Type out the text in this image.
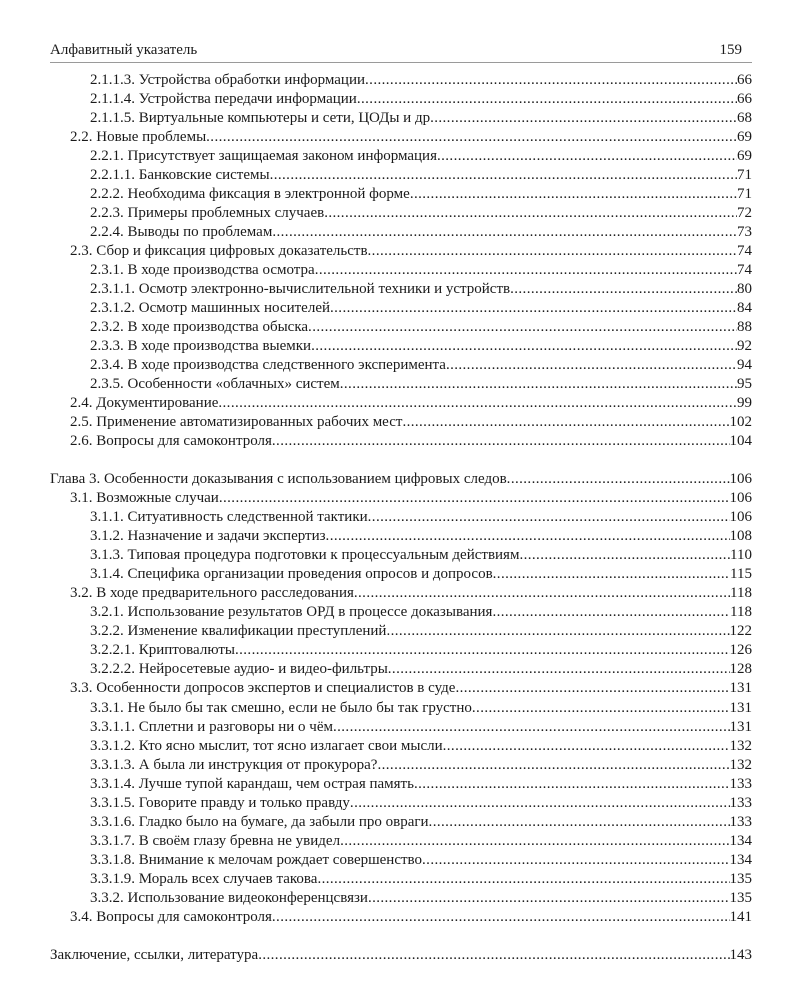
Алфавитный указатель	159
2.1.1.3. Устройства обработки информации .....	66
2.1.1.4. Устройства передачи информации .....	66
2.1.1.5. Виртуальные компьютеры и сети, ЦОДы и др .....	68
2.2. Новые проблемы .....	69
2.2.1. Присутствует защищаемая законом информация .....	69
2.2.1.1. Банковские системы .....	71
2.2.2. Необходима фиксация в электронной форме .....	71
2.2.3. Примеры проблемных случаев .....	72
2.2.4. Выводы по проблемам .....	73
2.3. Сбор и фиксация цифровых доказательств .....	74
2.3.1. В ходе производства осмотра .....	74
2.3.1.1. Осмотр электронно-вычислительной техники и устройств .....	80
2.3.1.2. Осмотр машинных носителей .....	84
2.3.2. В ходе производства обыска .....	88
2.3.3. В ходе производства выемки .....	92
2.3.4. В ходе производства следственного эксперимента .....	94
2.3.5. Особенности «облачных» систем .....	95
2.4. Документирование .....	99
2.5. Применение автоматизированных рабочих мест .....	102
2.6. Вопросы для самоконтроля .....	104
Глава 3. Особенности доказывания с использованием цифровых следов .....	106
3.1. Возможные случаи .....	106
3.1.1. Ситуативность следственной тактики .....	106
3.1.2. Назначение и задачи экспертиз .....	108
3.1.3. Типовая процедура подготовки к процессуальным действиям .....	110
3.1.4. Специфика организации проведения опросов и допросов .....	115
3.2. В ходе предварительного расследования .....	118
3.2.1. Использование результатов ОРД в процессе доказывания .....	118
3.2.2. Изменение квалификации преступлений .....	122
3.2.2.1. Криптовалюты .....	126
3.2.2.2. Нейросетевые аудио- и видео-фильтры .....	128
3.3. Особенности допросов экспертов и специалистов в суде .....	131
3.3.1. Не было бы так смешно, если не было бы так грустно .....	131
3.3.1.1. Сплетни и разговоры ни о чём .....	131
3.3.1.2. Кто ясно мыслит, тот ясно излагает свои мысли .....	132
3.3.1.3. А была ли инструкция от прокурора? .....	132
3.3.1.4. Лучше тупой карандаш, чем острая память .....	133
3.3.1.5. Говорите правду и только правду .....	133
3.3.1.6. Гладко было на бумаге, да забыли про овраги .....	133
3.3.1.7. В своём глазу бревна не увидел .....	134
3.3.1.8. Внимание к мелочам рождает совершенство .....	134
3.3.1.9. Мораль всех случаев такова .....	135
3.3.2. Использование видеоконференцсвязи .....	135
3.4. Вопросы для самоконтроля .....	141
Заключение, ссылки, литература .....	143
